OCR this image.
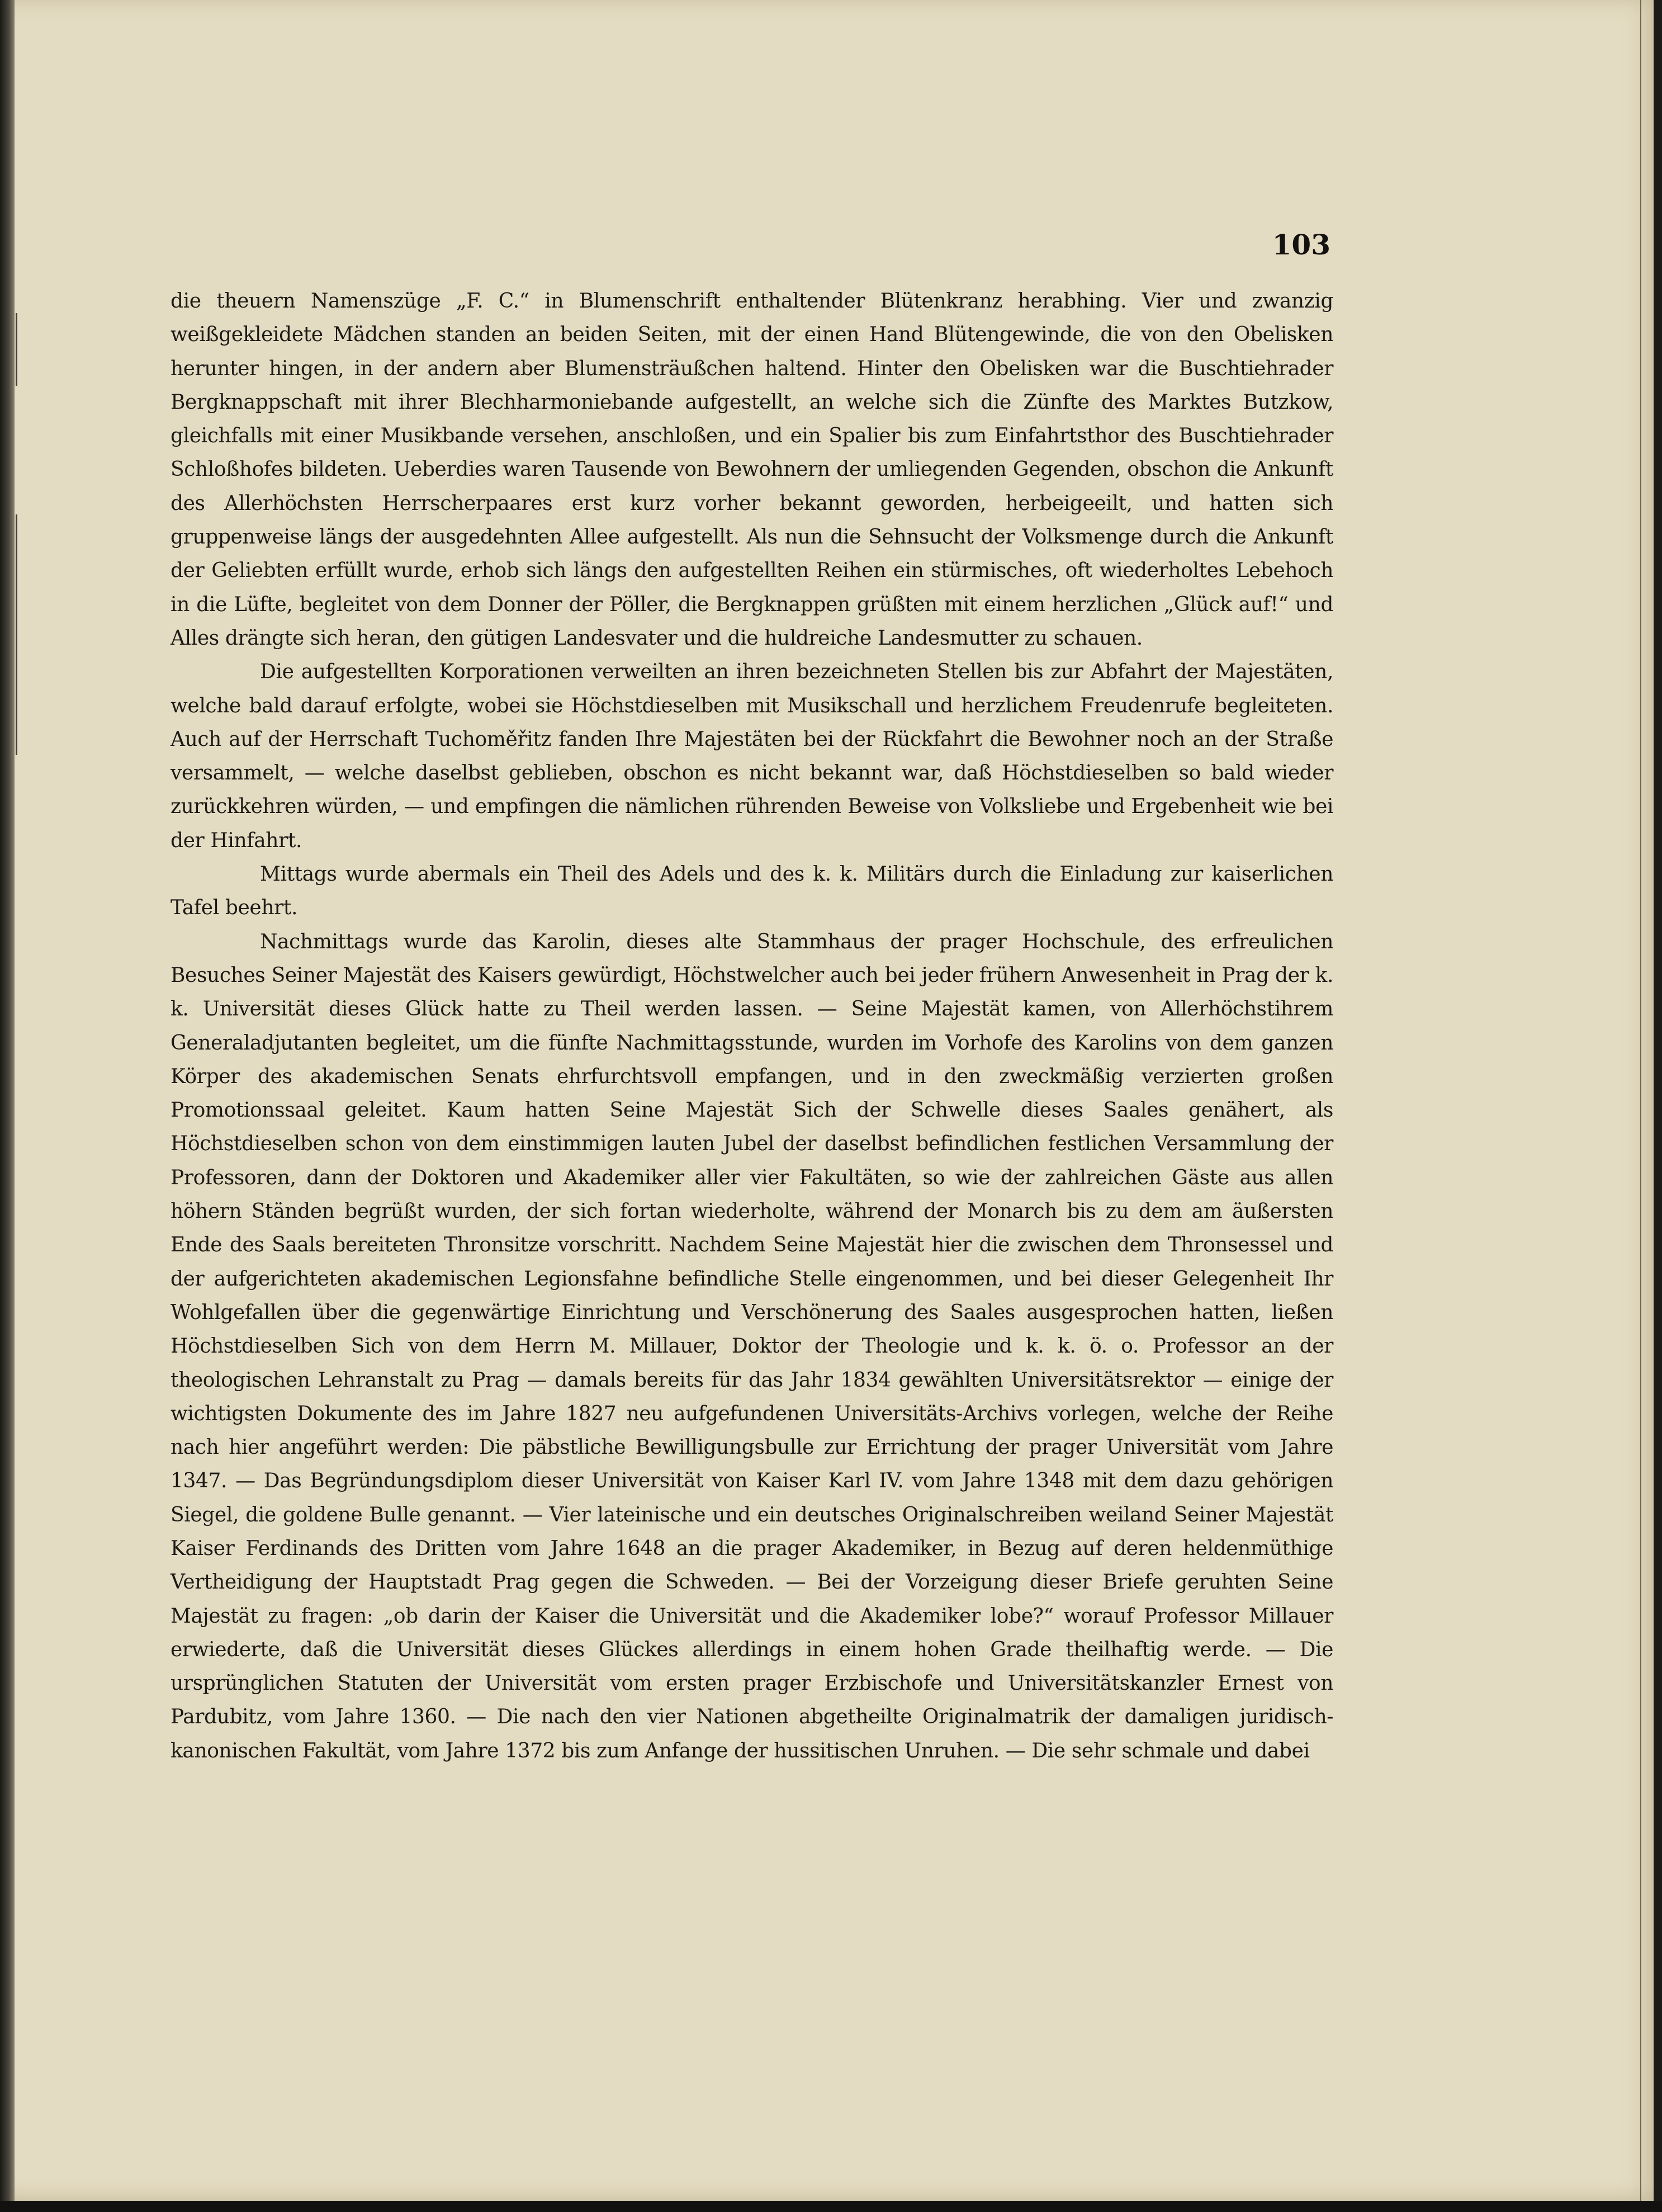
103

die theuern Namenszüge „F. C.“ in Blumenschrift enthaltender Blütenkranz herabhing. Vier und zwanzig weißgekleidete Mädchen standen an beiden Seiten, mit der einen Hand Blütengewinde, die von den Obelisken herunter hingen, in der andern aber Blumensträußchen haltend. Hinter den Obelisken war die Buschtiehrader Bergknappschaft mit ihrer Blechharmoniebande aufgestellt, an welche sich die Zünfte des Marktes Butzkow, gleichfalls mit einer Musikbande versehen, anschloßen, und ein Spalier bis zum Einfahrtsthor des Buschtiehrader Schloßhofes bildeten. Ueberdies waren Tausende von Bewohnern der umliegenden Gegenden, obschon die Ankunft des Allerhöchsten Herrscherpaares erst kurz vorher bekannt geworden, herbeigeeilt, und hatten sich gruppenweise längs der ausgedehnten Allee aufgestellt. Als nun die Sehnsucht der Volksmenge durch die Ankunft der Geliebten erfüllt wurde, erhob sich längs den aufgestellten Reihen ein stürmisches, oft wiederholtes Lebehoch in die Lüfte, begleitet von dem Donner der Pöller, die Bergknappen grüßten mit einem herzlichen „Glück auf!“ und Alles drängte sich heran, den gütigen Landesvater und die huldreiche Landesmutter zu schauen.

Die aufgestellten Korporationen verweilten an ihren bezeichneten Stellen bis zur Abfahrt der Majestäten, welche bald darauf erfolgte, wobei sie Höchstdieselben mit Musikschall und herzlichem Freudenrufe begleiteten. Auch auf der Herrschaft Tuchoměřitz fanden Ihre Majestäten bei der Rückfahrt die Bewohner noch an der Straße versammelt, — welche daselbst geblieben, obschon es nicht bekannt war, daß Höchstdieselben so bald wieder zurückkehren würden, — und empfingen die nämlichen rührenden Beweise von Volksliebe und Ergebenheit wie bei der Hinfahrt.

Mittags wurde abermals ein Theil des Adels und des k. k. Militärs durch die Einladung zur kaiserlichen Tafel beehrt.

Nachmittags wurde das Karolin, dieses alte Stammhaus der prager Hochschule, des erfreulichen Besuches Seiner Majestät des Kaisers gewürdigt, Höchstwelcher auch bei jeder frühern Anwesenheit in Prag der k. k. Universität dieses Glück hatte zu Theil werden lassen. — Seine Majestät kamen, von Allerhöchstihrem Generaladjutanten begleitet, um die fünfte Nachmittagsstunde, wurden im Vorhofe des Karolins von dem ganzen Körper des akademischen Senats ehrfurchtsvoll empfangen, und in den zweckmäßig verzierten großen Promotionssaal geleitet. Kaum hatten Seine Majestät Sich der Schwelle dieses Saales genähert, als Höchstdieselben schon von dem einstimmigen lauten Jubel der daselbst befindlichen festlichen Versammlung der Professoren, dann der Doktoren und Akademiker aller vier Fakultäten, so wie der zahlreichen Gäste aus allen höhern Ständen begrüßt wurden, der sich fortan wiederholte, während der Monarch bis zu dem am äußersten Ende des Saals bereiteten Thronsitze vorschritt. Nachdem Seine Majestät hier die zwischen dem Thronsessel und der aufgerichteten akademischen Legionsfahne befindliche Stelle eingenommen, und bei dieser Gelegenheit Ihr Wohlgefallen über die gegenwärtige Einrichtung und Verschönerung des Saales ausgesprochen hatten, ließen Höchstdieselben Sich von dem Herrn M. Millauer, Doktor der Theologie und k. k. ö. o. Professor an der theologischen Lehranstalt zu Prag — damals bereits für das Jahr 1834 gewählten Universitätsrektor — einige der wichtigsten Dokumente des im Jahre 1827 neu aufgefundenen Universitäts-Archivs vorlegen, welche der Reihe nach hier angeführt werden: Die päbstliche Bewilligungsbulle zur Errichtung der prager Universität vom Jahre 1347. — Das Begründungsdiplom dieser Universität von Kaiser Karl IV. vom Jahre 1348 mit dem dazu gehörigen Siegel, die goldene Bulle genannt. — Vier lateinische und ein deutsches Originalschreiben weiland Seiner Majestät Kaiser Ferdinands des Dritten vom Jahre 1648 an die prager Akademiker, in Bezug auf deren heldenmüthige Vertheidigung der Hauptstadt Prag gegen die Schweden. — Bei der Vorzeigung dieser Briefe geruhten Seine Majestät zu fragen: „ob darin der Kaiser die Universität und die Akademiker lobe?“ worauf Professor Millauer erwiederte, daß die Universität dieses Glückes allerdings in einem hohen Grade theilhaftig werde. — Die ursprünglichen Statuten der Universität vom ersten prager Erzbischofe und Universitätskanzler Ernest von Pardubitz, vom Jahre 1360. — Die nach den vier Nationen abgetheilte Originalmatrik der damaligen juridisch-kanonischen Fakultät, vom Jahre 1372 bis zum Anfange der hussitischen Unruhen. — Die sehr schmale und dabei
